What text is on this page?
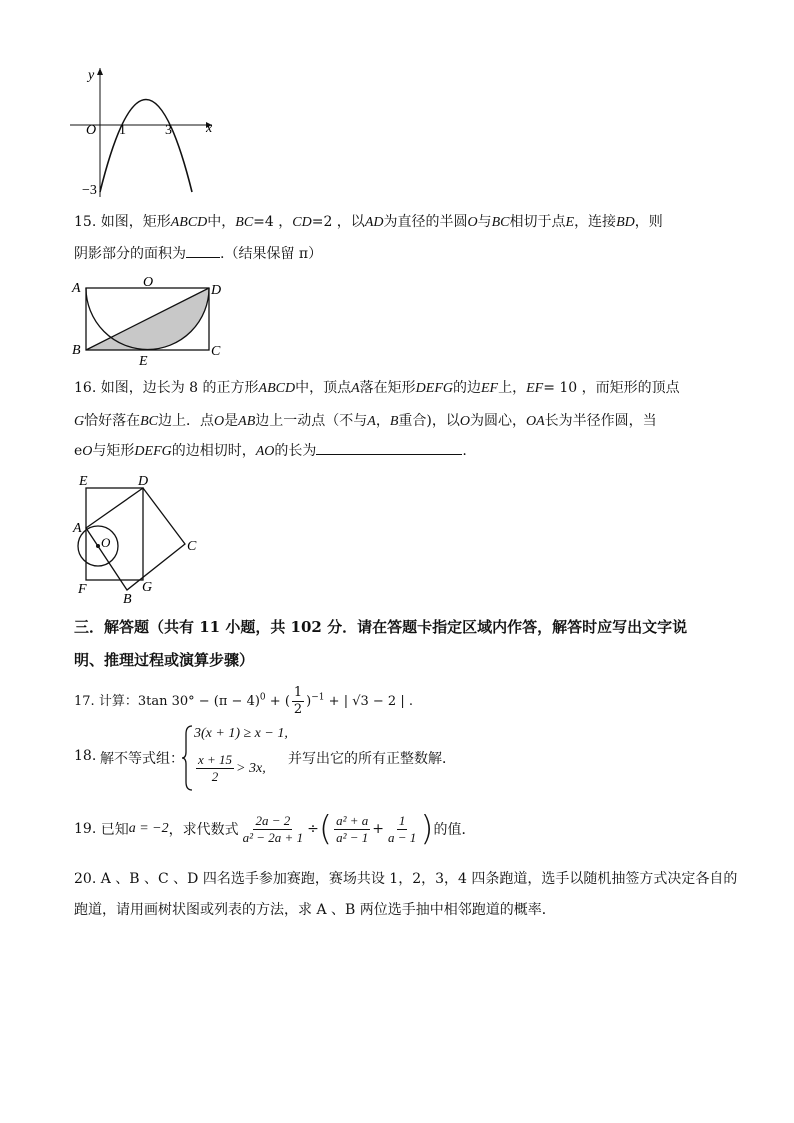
y
x
O 1	3
−3
15. 如图，矩形ABCD中，BC=4 ，CD=2 ，以AD为直径的半圆O与BC相切于点E，连接BD，则
阴影部分的面积为 .（结果保留 π）
A	O
D
B
E
C
16. 如图，边长为 8 的正方形ABCD中，顶点A落在矩形DEFG的边EF上，EF= 10 ，而矩形的顶点
G恰好落在BC边上．点O是AB边上一动点（不与A，B重合)，以O为圆心，OA长为半径作圆，当
eO与矩形DEFG的边相切时，AO的长为	.
E	D
A
O	C
F	G
B
三．解答题（共有 11 小题，共 102 分．请在答题卡指定区域内作答，解答时应写出文字说
明、推理过程或演算步骤）
17. 计算：3tan $30^\circ - (\pi - 4)^0$ + ( $\frac{1}{2} )^{-1}$ + | √3 − 2 | .
18. 解不等式组：
3(x + 1) ≥ x − 1,
$\frac{x + 15}{2} > 3x$,
并写出它的所有正整数解．
19.
已知 a = −2 ，求代数式 $\frac{2a - 2}{\text{a² − 2a + 1}}$ ÷ ( $\frac{\text{a² + a}}{\text{a² − 1}} + \frac{1}{a - 1}$ ) 的值．
20. A 、B 、C 、D 四名选手参加赛跑，赛场共设 1，2，3，4 四条跑道，选手以随机抽签方式决定各自的
跑道，请用画树状图或列表的方法，求 A 、B 两位选手抽中相邻跑道的概率．
